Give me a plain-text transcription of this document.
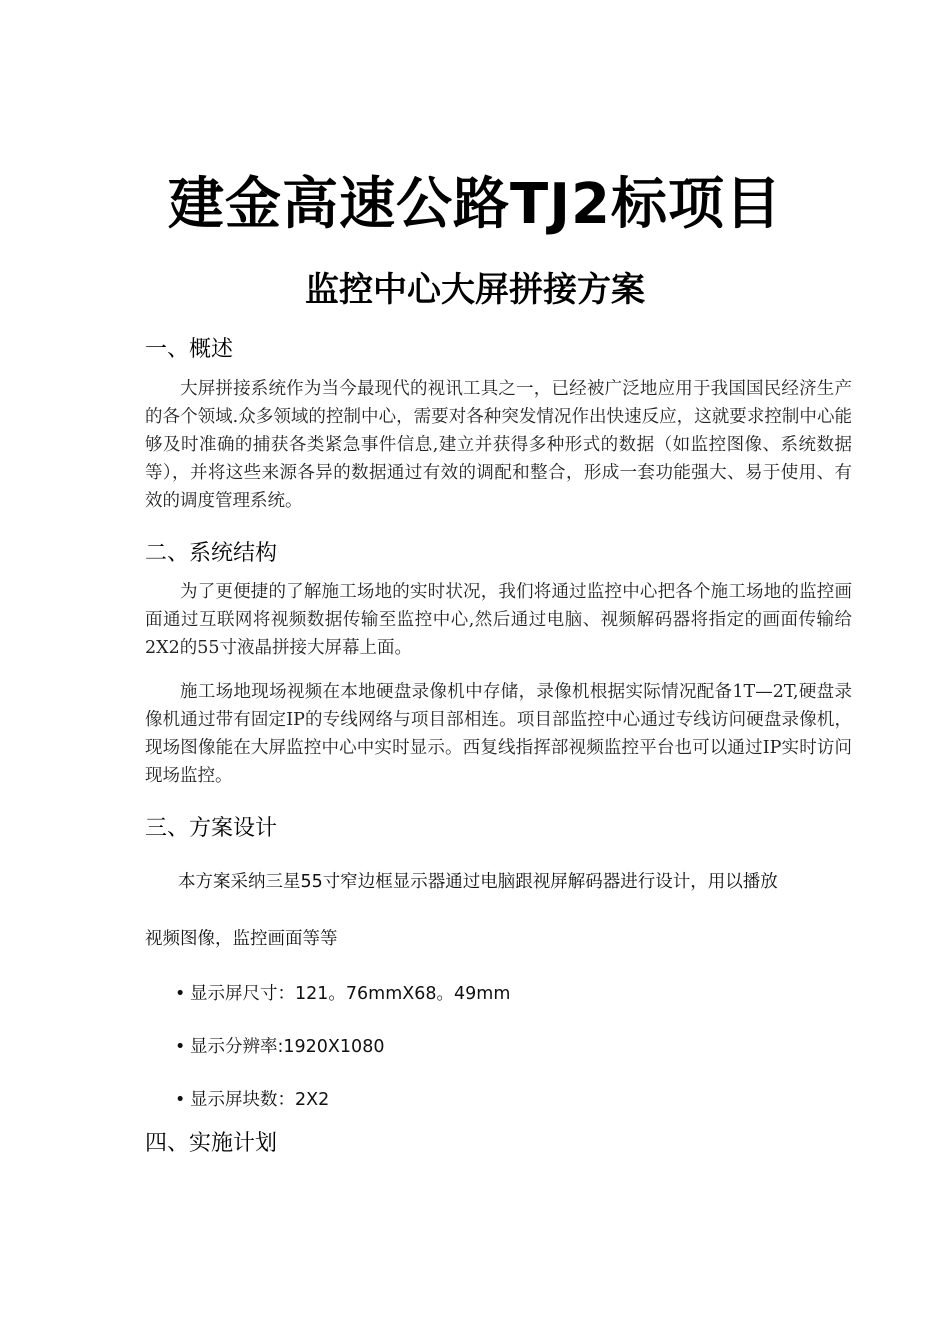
建金高速公路TJ2标项目
监控中心大屏拼接方案
一、概述
大屏拼接系统作为当今最现代的视讯工具之一，已经被广泛地应用于我国国民经济生产的各个领域.众多领域的控制中心，需要对各种突发情况作出快速反应，这就要求控制中心能够及时准确的捕获各类紧急事件信息,建立并获得多种形式的数据（如监控图像、系统数据等），并将这些来源各异的数据通过有效的调配和整合，形成一套功能强大、易于使用、有效的调度管理系统。
二、系统结构
为了更便捷的了解施工场地的实时状况，我们将通过监控中心把各个施工场地的监控画面通过互联网将视频数据传输至监控中心,然后通过电脑、视频解码器将指定的画面传输给2X2的55寸液晶拼接大屏幕上面。
施工场地现场视频在本地硬盘录像机中存储，录像机根据实际情况配备1T—2T,硬盘录像机通过带有固定IP的专线网络与项目部相连。项目部监控中心通过专线访问硬盘录像机，现场图像能在大屏监控中心中实时显示。西复线指挥部视频监控平台也可以通过IP实时访问现场监控。
三、方案设计
本方案采纳三星55寸窄边框显示器通过电脑跟视屏解码器进行设计，用以播放
视频图像，监控画面等等
• 显示屏尺寸：121。76mmX68。49mm
• 显示分辨率:1920X1080
• 显示屏块数：2X2
四、实施计划
